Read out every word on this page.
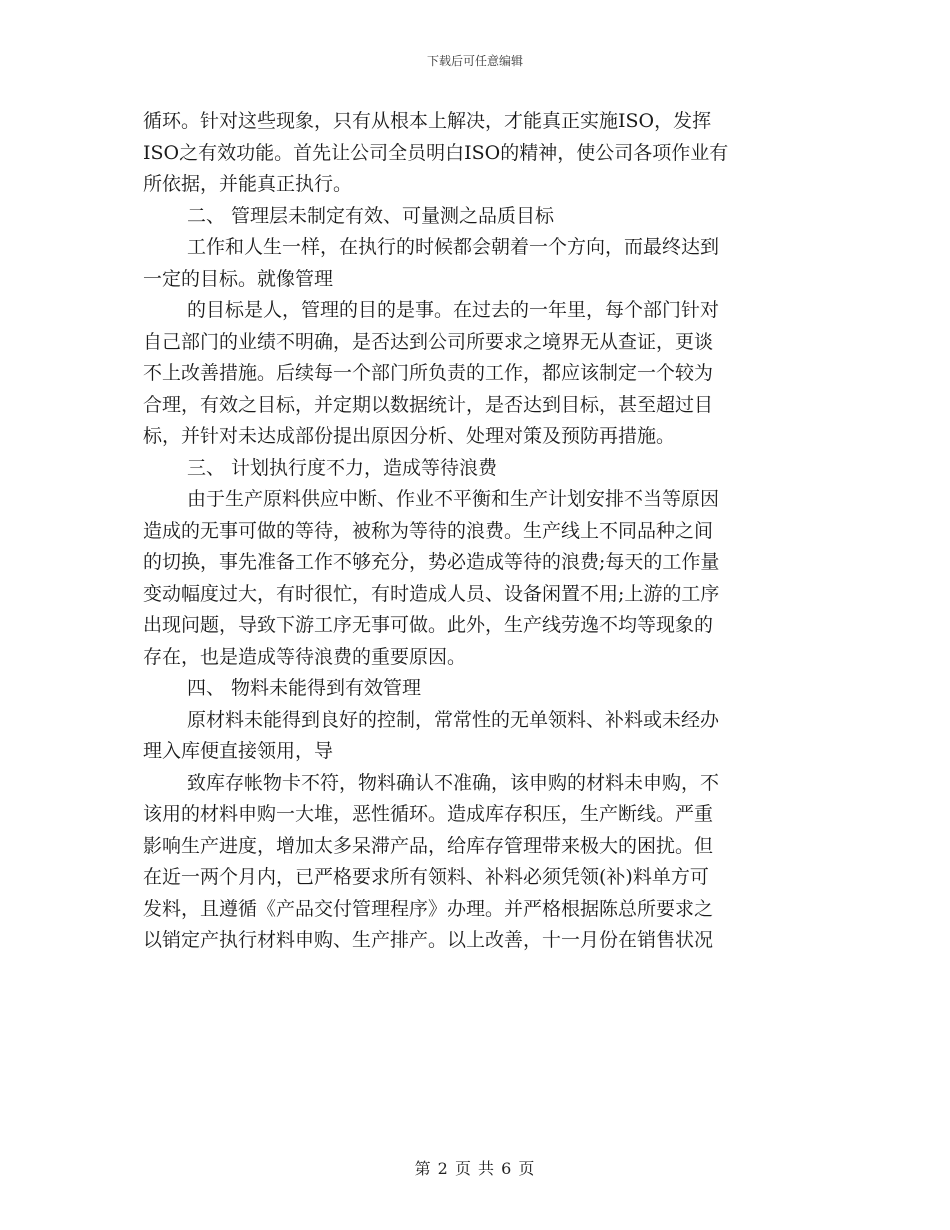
下载后可任意编辑
循环。针对这些现象，只有从根本上解决，才能真正实施ISO，发挥
ISO之有效功能。首先让公司全员明白ISO的精神，使公司各项作业有
所依据，并能真正执行。
二、 管理层未制定有效、可量测之品质目标
工作和人生一样，在执行的时候都会朝着一个方向，而最终达到
一定的目标。就像管理
的目标是人，管理的目的是事。在过去的一年里，每个部门针对
自己部门的业绩不明确，是否达到公司所要求之境界无从查证，更谈
不上改善措施。后续每一个部门所负责的工作，都应该制定一个较为
合理，有效之目标，并定期以数据统计，是否达到目标，甚至超过目
标，并针对未达成部份提出原因分析、处理对策及预防再措施。
三、 计划执行度不力，造成等待浪费
由于生产原料供应中断、作业不平衡和生产计划安排不当等原因
造成的无事可做的等待，被称为等待的浪费。生产线上不同品种之间
的切换，事先准备工作不够充分，势必造成等待的浪费;每天的工作量
变动幅度过大，有时很忙，有时造成人员、设备闲置不用;上游的工序
出现问题，导致下游工序无事可做。此外，生产线劳逸不均等现象的
存在，也是造成等待浪费的重要原因。
四、 物料未能得到有效管理
原材料未能得到良好的控制，常常性的无单领料、补料或未经办
理入库便直接领用，导
致库存帐物卡不符，物料确认不准确，该申购的材料未申购，不
该用的材料申购一大堆，恶性循环。造成库存积压，生产断线。严重
影响生产进度，增加太多呆滞产品，给库存管理带来极大的困扰。但
在近一两个月内，已严格要求所有领料、补料必须凭领(补)料单方可
发料，且遵循《产品交付管理程序》办理。并严格根据陈总所要求之
以销定产执行材料申购、生产排产。以上改善，十一月份在销售状况
第 2 页 共 6 页
